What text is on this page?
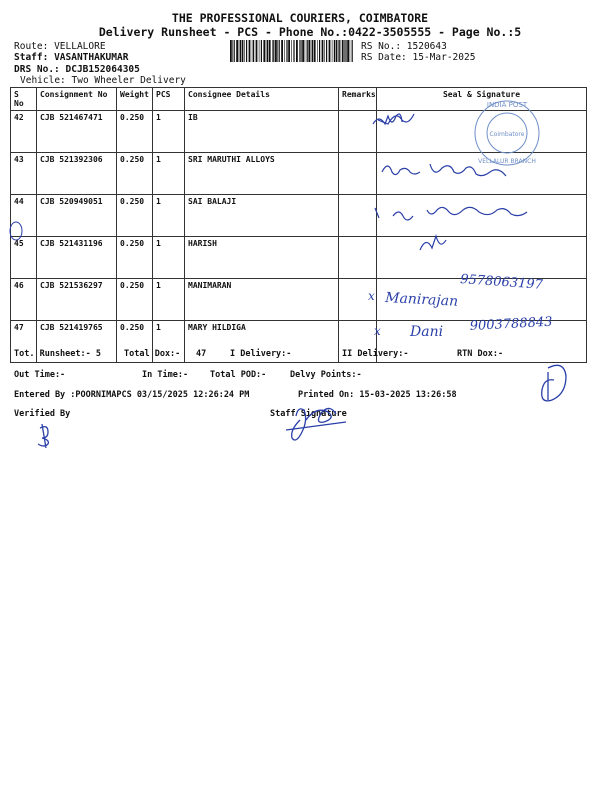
THE PROFESSIONAL COURIERS, COIMBATORE
Delivery Runsheet - PCS - Phone No.:0422-3505555 - Page No.:5
Route: VELLALORE
Staff: VASANTHAKUMAR
DRS No.: DCJB152064305
Vehicle: Two Wheeler Delivery
RS No.: 1520643
RS Date: 15-Mar-2025
S No	Consignment No	Weight	PCS	Consignee Details	Remarks	Seal & Signature
42	CJB 521467471	0.250	1	IB		
43	CJB 521392306	0.250	1	SRI MARUTHI ALLOYS		
44	CJB 520949051	0.250	1	SAI BALAJI		
45	CJB 521431196	0.250	1	HARISH		
46	CJB 521536297	0.250	1	MANIMARAN		
47	CJB 521419765	0.250	1	MARY HILDIGA		
Tot. Runsheet:- 5	Total Dox:- 47	I Delivery:-	II Delivery:-	RTN Dox:-
Out Time:-	In Time:-	Total POD:-	Delvy Points:-
Entered By :POORNIMAPCS 03/15/2025 12:26:24 PM	Printed On: 15-03-2025 13:26:58
Verified By	Staff Signature
INDIA POST
Coimbatore
VELLALUR BRANCH
9578063197
x Manirajan
x Dani 9003788843
